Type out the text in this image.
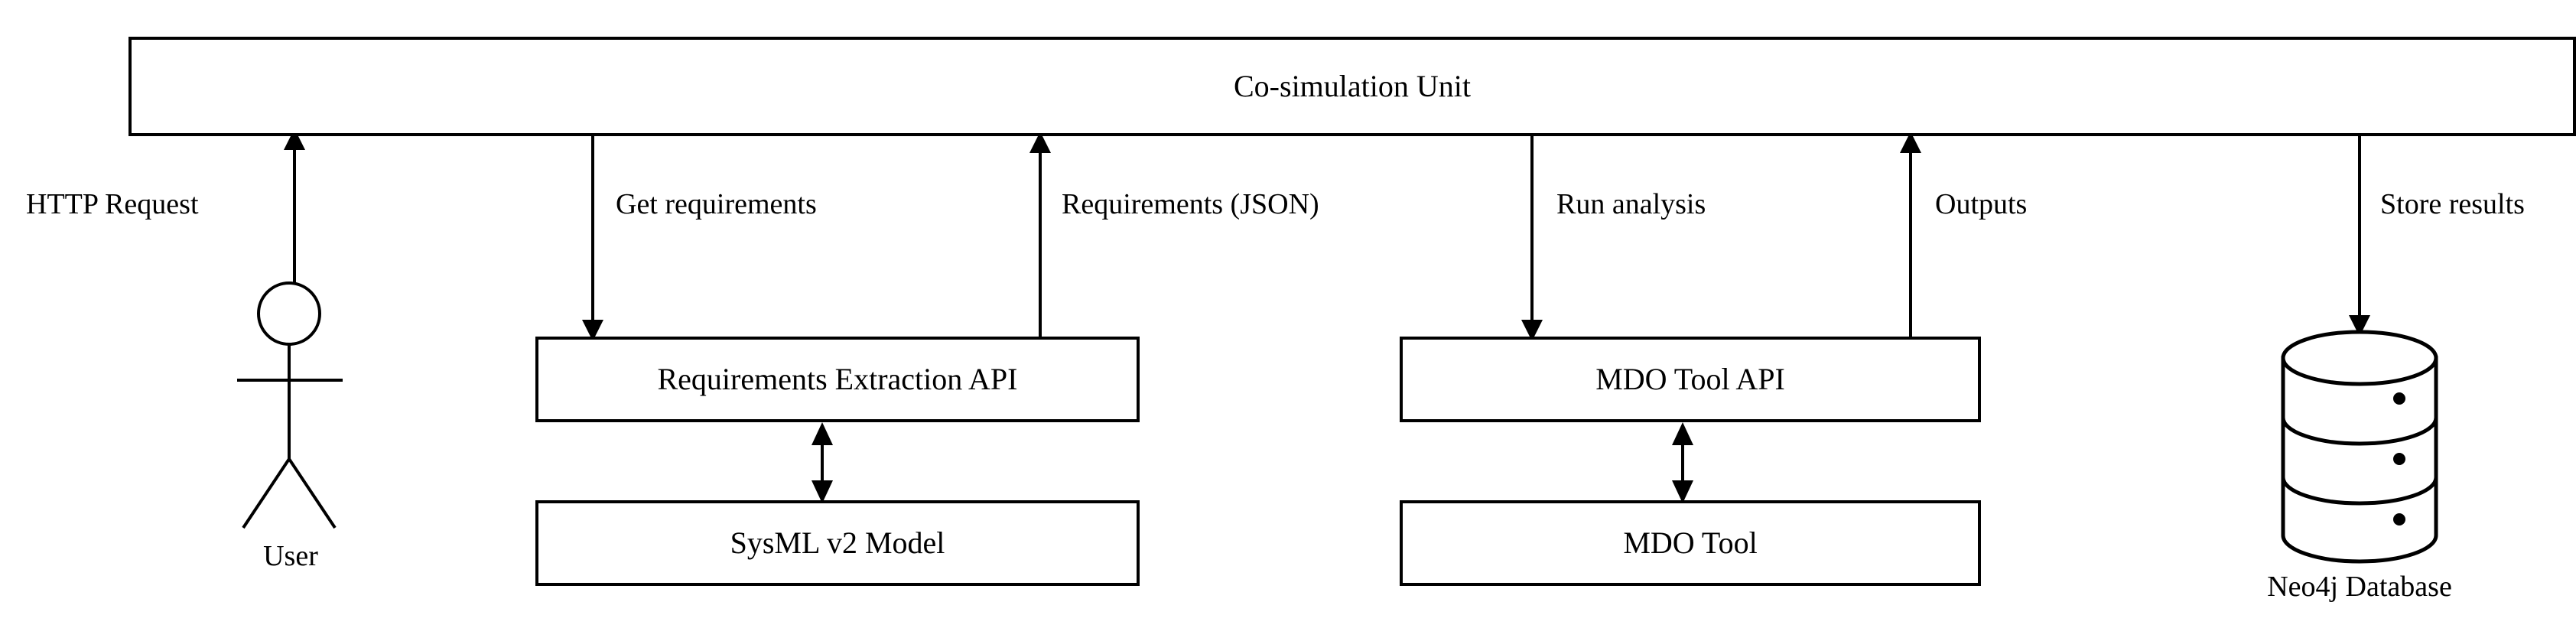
Co-simulation Unit
Requirements Extraction API
SysML v2 Model
MDO Tool API
MDO Tool
User
Neo4j Database
HTTP Request	Get requirements	Requirements (JSON)	Run analysis	Outputs	Store results
